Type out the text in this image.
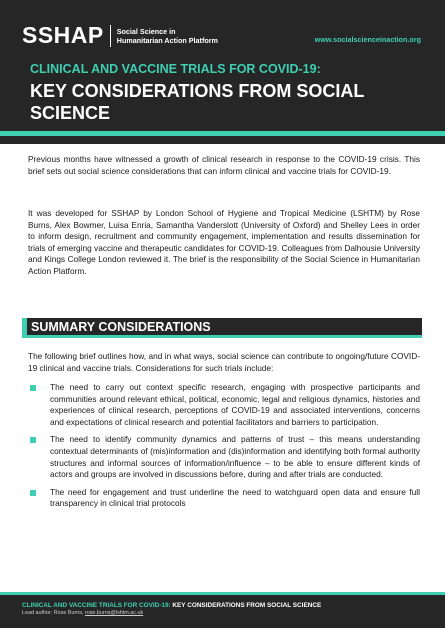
SSHAP Social Science in
Humanitarian Action Platform	www.socialscienceinaction.org
CLINICAL AND VACCINE TRIALS FOR COVID-19:
KEY CONSIDERATIONS FROM SOCIAL SCIENCE

Previous months have witnessed a growth of clinical research in response to the COVID-19 crisis. This brief sets out social science considerations that can inform clinical and vaccine trials for COVID-19.

It was developed for SSHAP by London School of Hygiene and Tropical Medicine (LSHTM) by Rose Burns, Alex Bowmer, Luisa Enria, Samantha Vanderslott (University of Oxford) and Shelley Lees in order to inform design, recruitment and community engagement, implementation and results dissemination for trials of emerging vaccine and therapeutic candidates for COVID-19. Colleagues from Dalhousie University and Kings College London reviewed it. The brief is the responsibility of the Social Science in Humanitarian Action Platform.

SUMMARY CONSIDERATIONS

The following brief outlines how, and in what ways, social science can contribute to ongoing/future COVID-19 clinical and vaccine trials. Considerations for such trials include:

The need to carry out context specific research, engaging with prospective participants and communities around relevant ethical, political, economic, legal and religious dynamics, histories and experiences of clinical research, perceptions of COVID-19 and associated interventions, concerns and expectations of clinical research and potential facilitators and barriers to participation.
The need to identify community dynamics and patterns of trust – this means understanding contextual determinants of (mis)information and (dis)information and identifying both formal authority structures and informal sources of information/influence – to be able to ensure different kinds of actors and groups are involved in discussions before, during and after trials are conducted.
The need for engagement and trust underline the need to watchguard open data and ensure full transparency in clinical trial protocols
CLINICAL AND VACCINE TRIALS FOR COVID-19: KEY CONSIDERATIONS FROM SOCIAL SCIENCE
Lead author: Rose Burns, rose.burns@lshtm.ac.uk
